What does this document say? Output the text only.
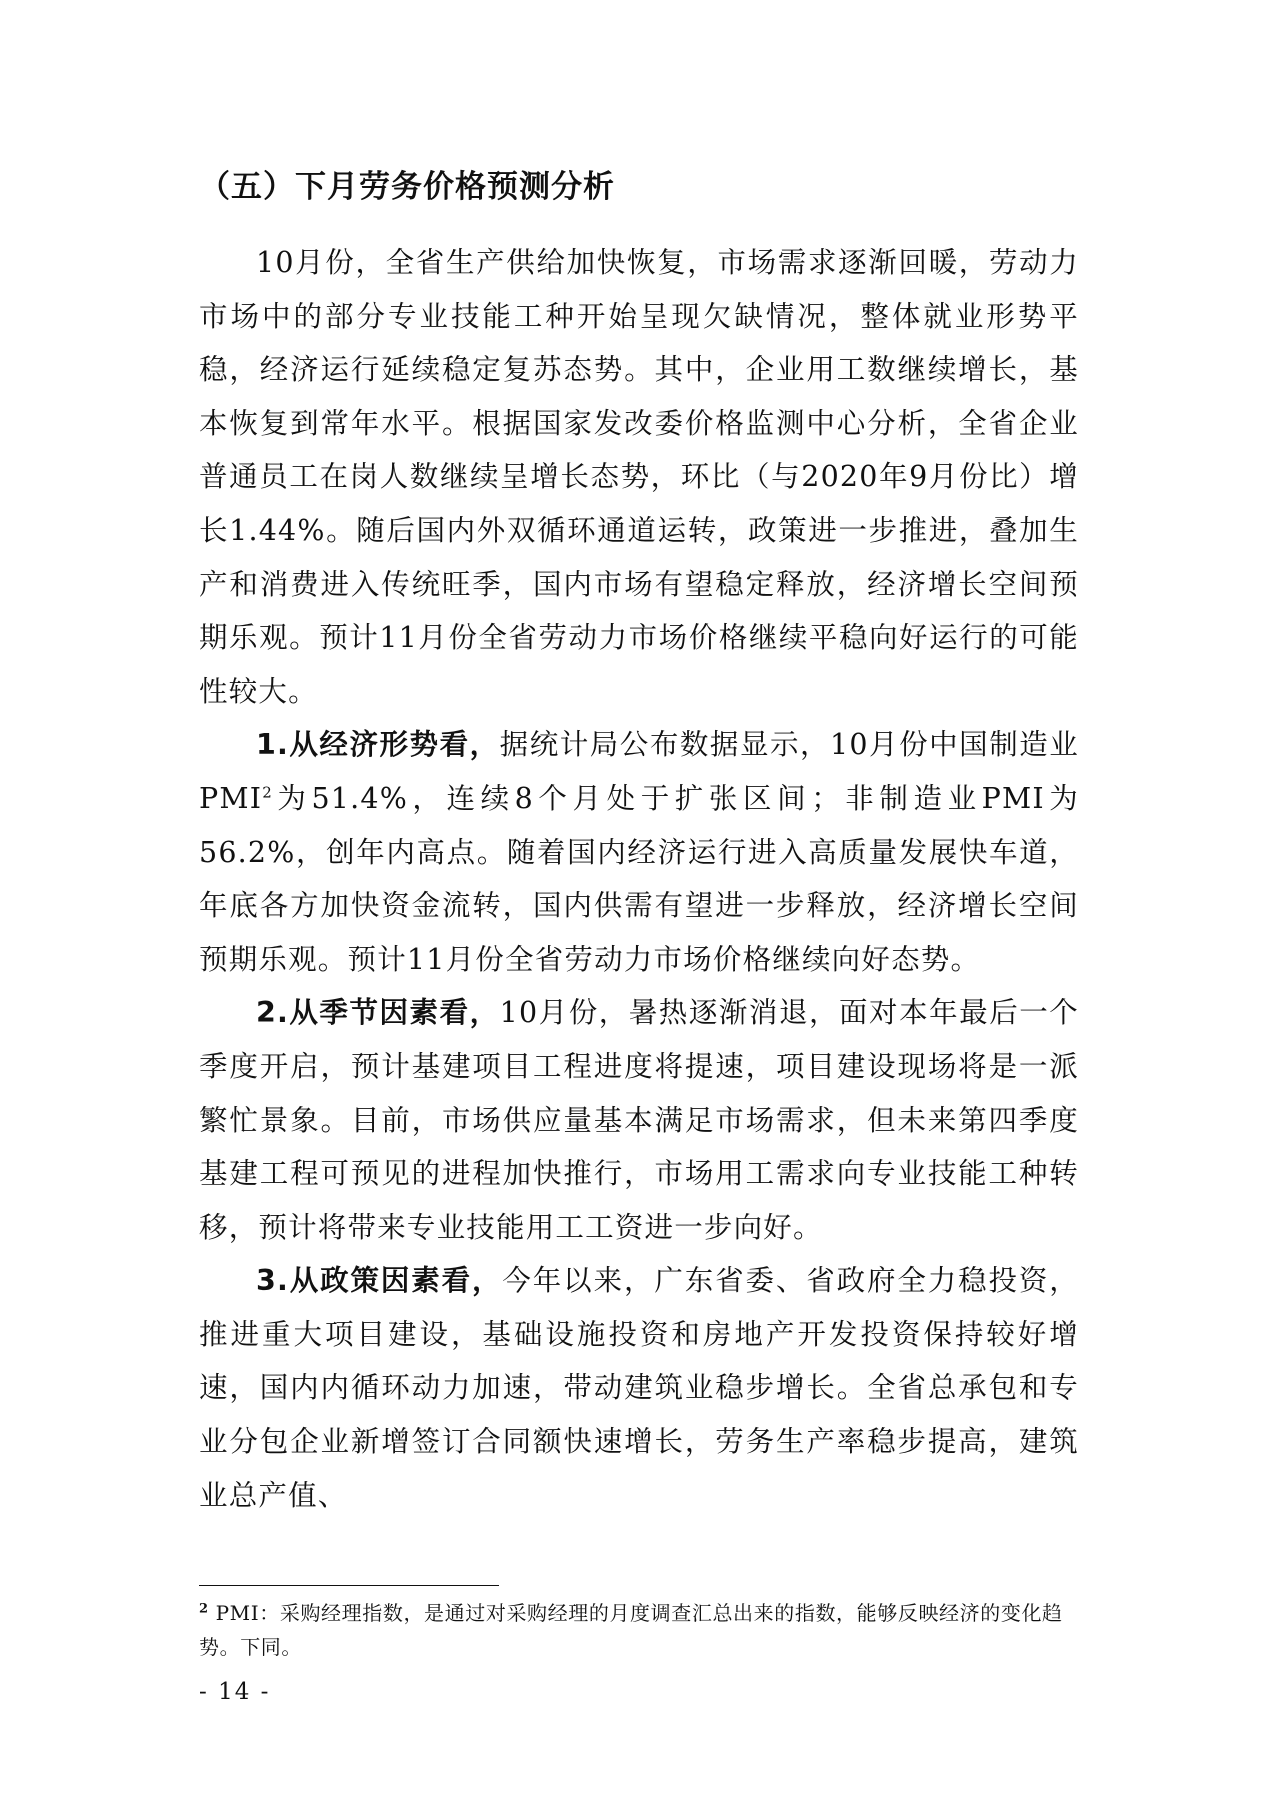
（五）下月劳务价格预测分析

10月份，全省生产供给加快恢复，市场需求逐渐回暖，劳动力市场中的部分专业技能工种开始呈现欠缺情况，整体就业形势平稳，经济运行延续稳定复苏态势。其中，企业用工数继续增长，基本恢复到常年水平。根据国家发改委价格监测中心分析，全省企业普通员工在岗人数继续呈增长态势，环比（与2020年9月份比）增长1.44%。随后国内外双循环通道运转，政策进一步推进，叠加生产和消费进入传统旺季，国内市场有望稳定释放，经济增长空间预期乐观。预计11月份全省劳动力市场价格继续平稳向好运行的可能性较大。

1.从经济形势看，据统计局公布数据显示，10月份中国制造业PMI$^2$为51.4%，连续8个月处于扩张区间；非制造业PMI为56.2%，创年内高点。随着国内经济运行进入高质量发展快车道，年底各方加快资金流转，国内供需有望进一步释放，经济增长空间预期乐观。预计11月份全省劳动力市场价格继续向好态势。

2.从季节因素看，10月份，暑热逐渐消退，面对本年最后一个季度开启，预计基建项目工程进度将提速，项目建设现场将是一派繁忙景象。目前，市场供应量基本满足市场需求，但未来第四季度基建工程可预见的进程加快推行，市场用工需求向专业技能工种转移，预计将带来专业技能用工工资进一步向好。

3.从政策因素看，今年以来，广东省委、省政府全力稳投资，推进重大项目建设，基础设施投资和房地产开发投资保持较好增速，国内内循环动力加速，带动建筑业稳步增长。全省总承包和专业分包企业新增签订合同额快速增长，劳务生产率稳步提高，建筑业总产值、

$^2$ PMI：采购经理指数，是通过对采购经理的月度调查汇总出来的指数，能够反映经济的变化趋势。下同。
- 14 -
